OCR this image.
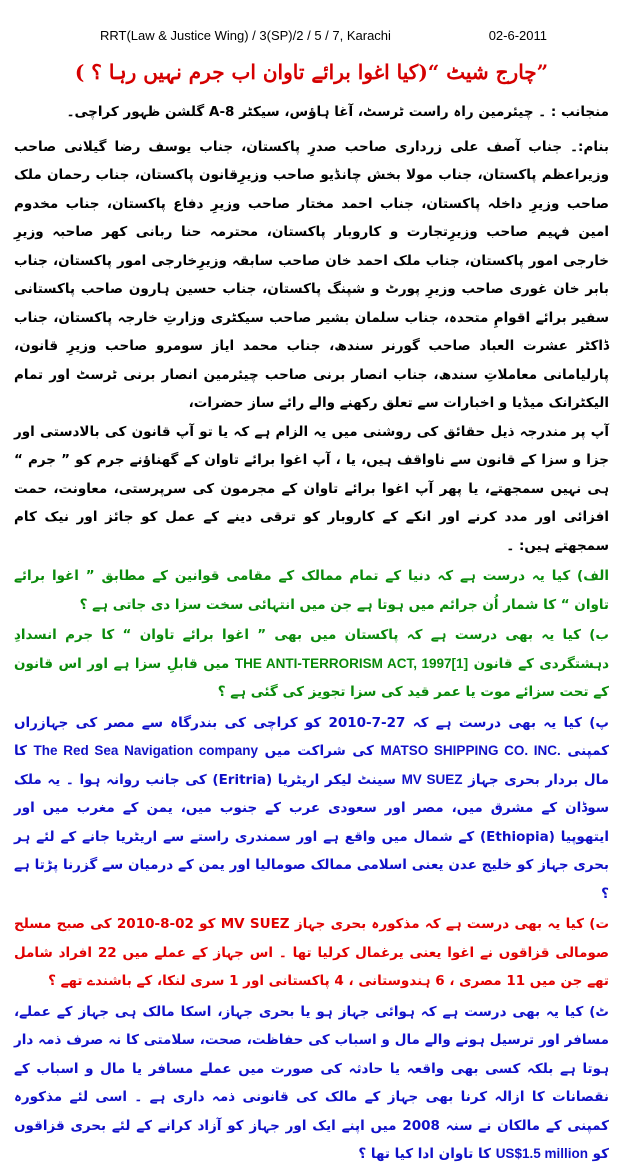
RRT(Law & Justice Wing) / 3(SP)/2 / 5 / 7, Karachi	02-6-2011
”چارج شیٹ “(کیا اغوا برائے تاوان اب جرم نہیں رہا ؟ )

منجانب : ۔ چیئرمین راہ راست ٹرسٹ، آغا ہاؤس، سیکٹر 8-A گلشن ظہور کراچی۔

بنام:۔ جناب آصف علی زرداری صاحب صدرِ پاکستان، جناب یوسف رضا گیلانی صاحب وزیراعظم پاکستان، جناب مولا بخش چانڈیو صاحب وزیرِقانون پاکستان، جناب رحمان ملک صاحب وزیرِ داخلہ پاکستان، جناب احمد مختار صاحب وزیرِ دفاع پاکستان، جناب مخدوم امین فہیم صاحب وزیرِتجارت و کاروبار پاکستان، محترمہ حنا ربانی کھر صاحبہ وزیرِ خارجی امور پاکستان، جناب ملک احمد خان صاحب سابقہ وزیرِخارجی امور پاکستان، جناب بابر خان غوری صاحب وزیرِ پورٹ و شپنگ پاکستان، جناب حسین ہارون صاحب پاکستانی سفیر برائے اقوامِ متحدہ، جناب سلمان بشیر صاحب سیکٹری وزارتِ خارجہ پاکستان، جناب ڈاکٹر عشرت العباد صاحب گورنر سندھ، جناب محمد ایاز سومرو صاحب وزیرِ قانون، پارلیامانی معاملاتِ سندھ، جناب انصار برنی صاحب چیئرمین انصار برنی ٹرسٹ اور تمام الیکٹرانک میڈیا و اخبارات سے تعلق رکھنے والے رائے ساز حضرات،

آپ پر مندرجہ ذیل حقائق کی روشنی میں یہ الزام ہے کہ یا تو آپ قانون کی بالادستی اور جزا و سزا کے قانون سے ناواقف ہیں، یا ، آپ اغوا برائے تاوان کے گھناؤنے جرم کو ” جرم “ ہی نہیں سمجھتے، یا پھر آپ اغوا برائے تاوان کے مجرمون کی سرپرستی، معاونت، حمت افزائی اور مدد کرنے اور انکے کے کاروبار کو ترقی دینے کے عمل کو جائز اور نیک کام سمجھتے ہیں: ۔

الف) کیا یہ درست ہے کہ دنیا کے تمام ممالک کے مقامی قوانین کے مطابق ” اغوا برائے تاوان “ کا شمار اُن جرائم میں ہوتا ہے جن میں انتہائی سخت سزا دی جاتی ہے ؟

ب) کیا یہ بھی درست ہے کہ پاکستان میں بھی ” اغوا برائے تاوان “ کا جرم انسدادِ دہشتگردی کے قانون THE ANTI-TERRORISM ACT, 1997[1] میں قابلِ سزا ہے اور اس قانون کے تحت سزائے موت یا عمر قید کی سزا تجویز کی گئی ہے ؟

پ) کیا یہ بھی درست ہے کہ 27-7-2010 کو کراچی کی بندرگاہ سے مصر کی جہازراں کمپنی MATSO SHIPPING CO. INC. کی شراکت میں The Red Sea Navigation company کا مال بردار بحری جہاز MV SUEZ سینٹ لیکر اریٹریا (Eritria) کی جانب روانہ ہوا ۔ یہ ملک سوڈان کے مشرق میں، مصر اور سعودی عرب کے جنوب میں، یمن کے مغرب میں اور ایتھوپیا (Ethiopia) کے شمال میں واقع ہے اور سمندری راستے سے اریٹریا جانے کے لئے ہر بحری جہاز کو خلیج عدن یعنی اسلامی ممالک صومالیا اور یمن کے درمیان سے گزرنا پڑتا ہے ؟

ت) کیا یہ بھی درست ہے کہ مذکورہ بحری جہاز MV SUEZ کو 02-8-2010 کی صبح مسلح صومالی قزاقوں نے اغوا یعنی یرغمال کرلیا تھا ۔ اس جہاز کے عملے میں 22 افراد شامل تھے جن میں 11 مصری ، 6 ہندوستانی ، 4 پاکستانی اور 1 سری لنکا، کے باشندے تھے ؟

ٹ) کیا یہ بھی درست ہے کہ ہوائی جہاز ہو یا بحری جہاز، اسکا مالک ہی جہاز کے عملے، مسافر اور ترسیل ہونے والے مال و اسباب کی حفاظت، صحت، سلامتی کا نہ صرف ذمہ دار ہوتا ہے بلکہ کسی بھی واقعہ یا حادثہ کی صورت میں عملے مسافر یا مال و اسباب کے نقصانات کا ازالہ کرنا بھی جہاز کے مالک کی قانونی ذمہ داری ہے ۔ اسی لئے مذکورہ کمپنی کے مالکان نے سنہ 2008 میں اپنے ایک اور جہاز کو آزاد کرانے کے لئے بحری قزاقوں کو US$1.5 million کا تاوان ادا کیا تھا ؟
